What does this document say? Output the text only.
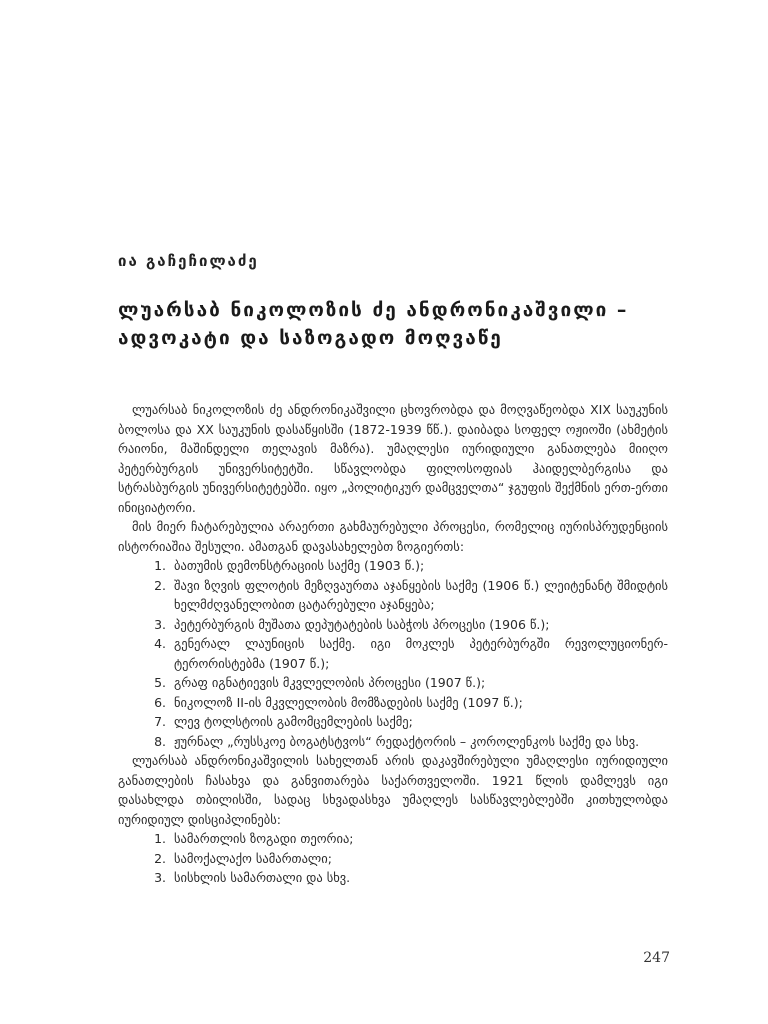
ია გაჩეჩილაძე
ლუარსაბ ნიკოლოზის ძე ანდრონიკაშვილი –
ადვოკატი და საზოგადო მოღვაწე

ლუარსაბ ნიკოლოზის ძე ანდრონიკაშვილი ცხოვრობდა და მოღვაწეობდა XIX საუკუნის ბოლოსა და XX საუკუნის დასაწყისში (1872-1939 წწ.). დაიბადა სოფელ ოჟიოში (ახმეტის რაიონი, მაშინდელი თელავის მაზრა). უმაღლესი იურიდიული განათლება მიიღო პეტერბურგის უნივერსიტეტში. სწავლობდა ფილოსოფიას ჰაიდელბერგისა და სტრასბურგის უნივერსიტეტებში. იყო „პოლიტიკურ დამცველთა“ ჯგუფის შექმნის ერთ-ერთი ინიციატორი.

მის მიერ ჩატარებულია არაერთი გახმაურებული პროცესი, რომელიც იურისპრუდენციის ისტორიაშია შესული. ამათგან დავასახელებთ ზოგიერთს:

1. ბათუმის დემონსტრაციის საქმე (1903 წ.);
2. შავი ზღვის ფლოტის მეზღვაურთა აჯანყების საქმე (1906 წ.) ლეიტენანტ შმიდტის ხელმძღვანელობით ცატარებული აჯანყება;
3. პეტერბურგის მუშათა დეპუტატების საბჭოს პროცესი (1906 წ.);
4. გენერალ ლაუნიცის საქმე. იგი მოკლეს პეტერბურგში რევოლუციონერ-ტერორისტებმა (1907 წ.);
5. გრაფ იგნატიევის მკვლელობის პროცესი (1907 წ.);
6. ნიკოლოზ II-ის მკვლელობის მომზადების საქმე (1097 წ.);
7. ლევ ტოლსტოის გამომცემლების საქმე;
8. ჟურნალ „რუსსკოე ბოგატსტვოს“ რედაქტორის – კოროლენკოს საქმე და სხვ.

ლუარსაბ ანდრონიკაშვილის სახელთან არის დაკავშირებული უმაღლესი იურიდიული განათლების ჩასახვა და განვითარება საქართველოში. 1921 წლის დამლევს იგი დასახლდა თბილისში, სადაც სხვადასხვა უმაღლეს სასწავლებლებში კითხულობდა იურიდიულ დისციპლინებს:

1. სამართლის ზოგადი თეორია;
2. სამოქალაქო სამართალი;
3. სისხლის სამართალი და სხვ.
247
